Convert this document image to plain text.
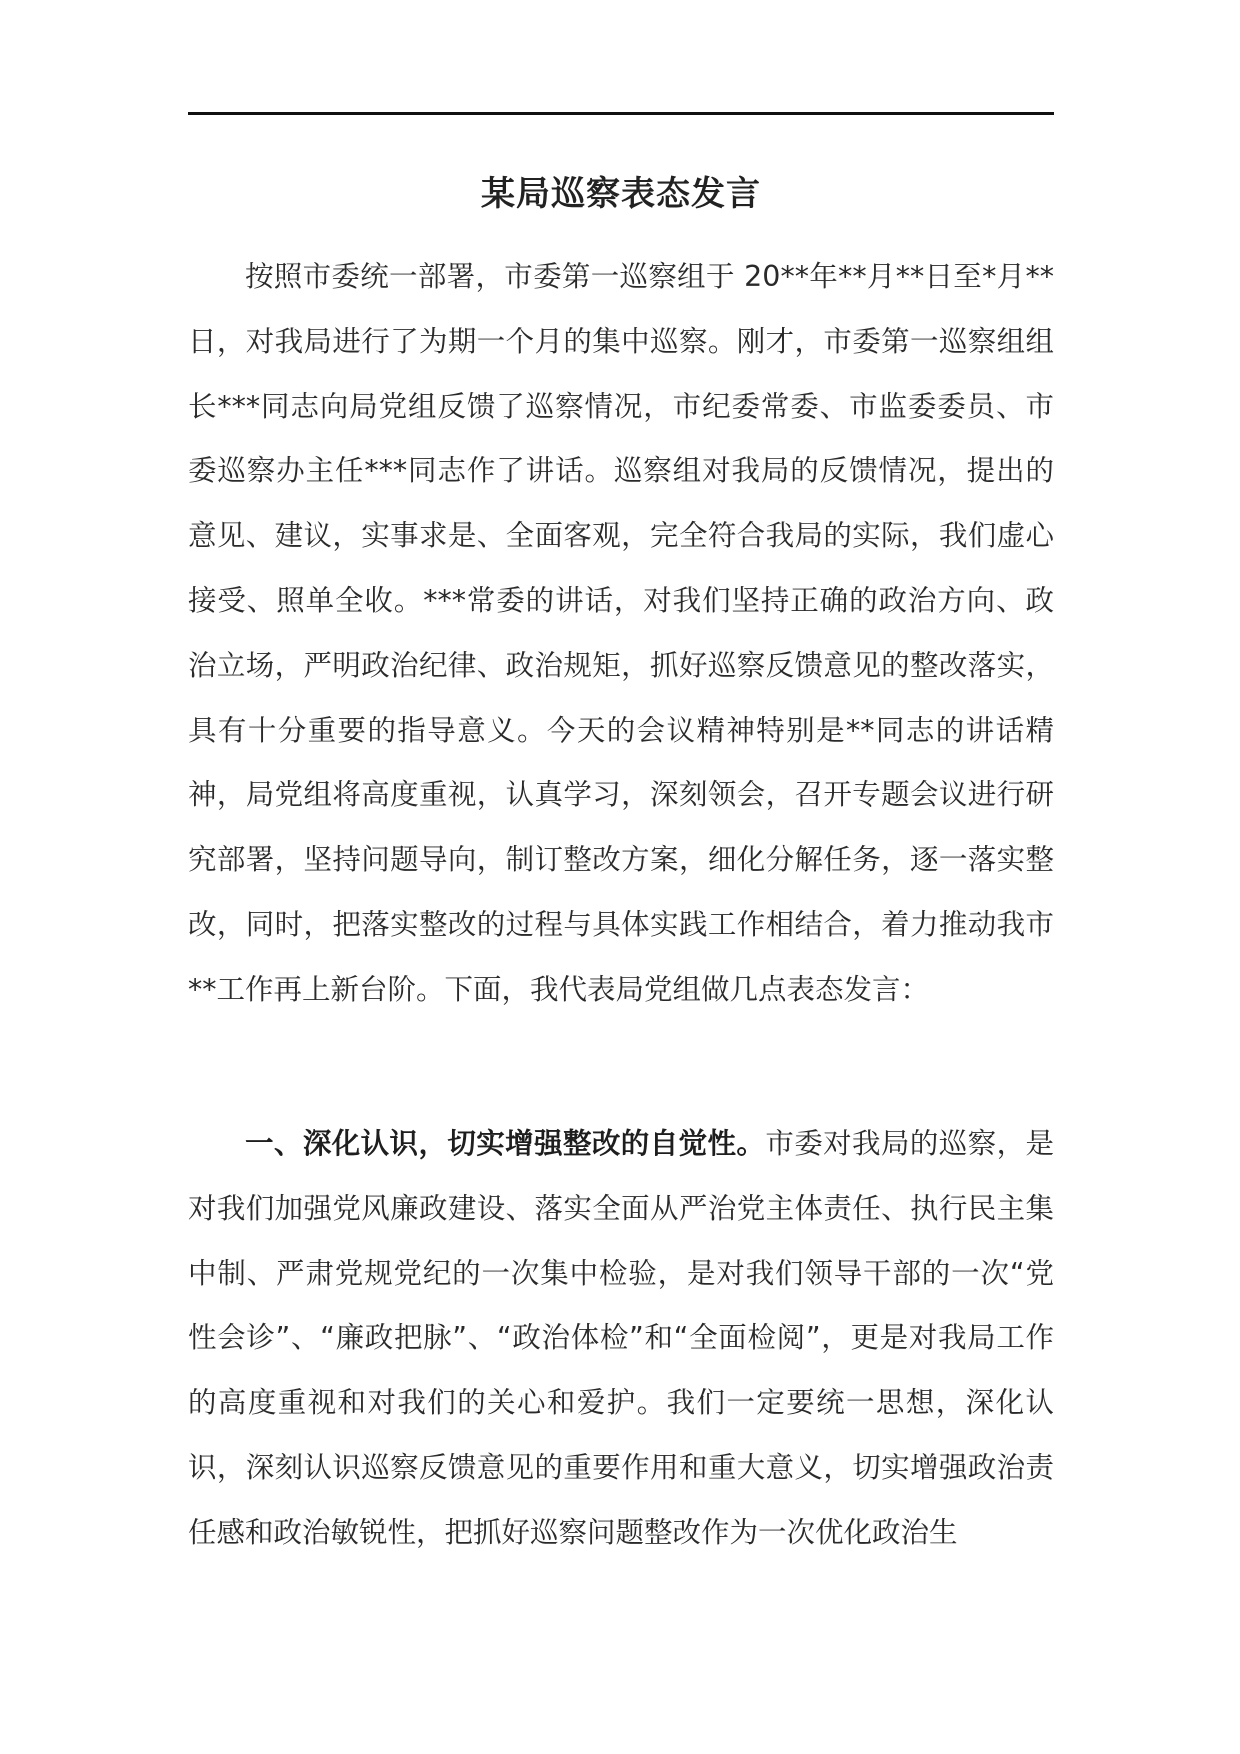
某局巡察表态发言

按照市委统一部署，市委第一巡察组于 20**年**月**日至*月**日，对我局进行了为期一个月的集中巡察。刚才，市委第一巡察组组长***同志向局党组反馈了巡察情况，市纪委常委、市监委委员、市委巡察办主任***同志作了讲话。巡察组对我局的反馈情况，提出的意见、建议，实事求是、全面客观，完全符合我局的实际，我们虚心接受、照单全收。***常委的讲话，对我们坚持正确的政治方向、政治立场，严明政治纪律、政治规矩，抓好巡察反馈意见的整改落实，具有十分重要的指导意义。今天的会议精神特别是**同志的讲话精神，局党组将高度重视，认真学习，深刻领会，召开专题会议进行研究部署，坚持问题导向，制订整改方案，细化分解任务，逐一落实整改，同时，把落实整改的过程与具体实践工作相结合，着力推动我市**工作再上新台阶。下面，我代表局党组做几点表态发言：

一、深化认识，切实增强整改的自觉性。市委对我局的巡察，是对我们加强党风廉政建设、落实全面从严治党主体责任、执行民主集中制、严肃党规党纪的一次集中检验，是对我们领导干部的一次“党性会诊”、“廉政把脉”、“政治体检”和“全面检阅”，更是对我局工作的高度重视和对我们的关心和爱护。我们一定要统一思想，深化认识，深刻认识巡察反馈意见的重要作用和重大意义，切实增强政治责任感和政治敏锐性，把抓好巡察问题整改作为一次优化政治生
